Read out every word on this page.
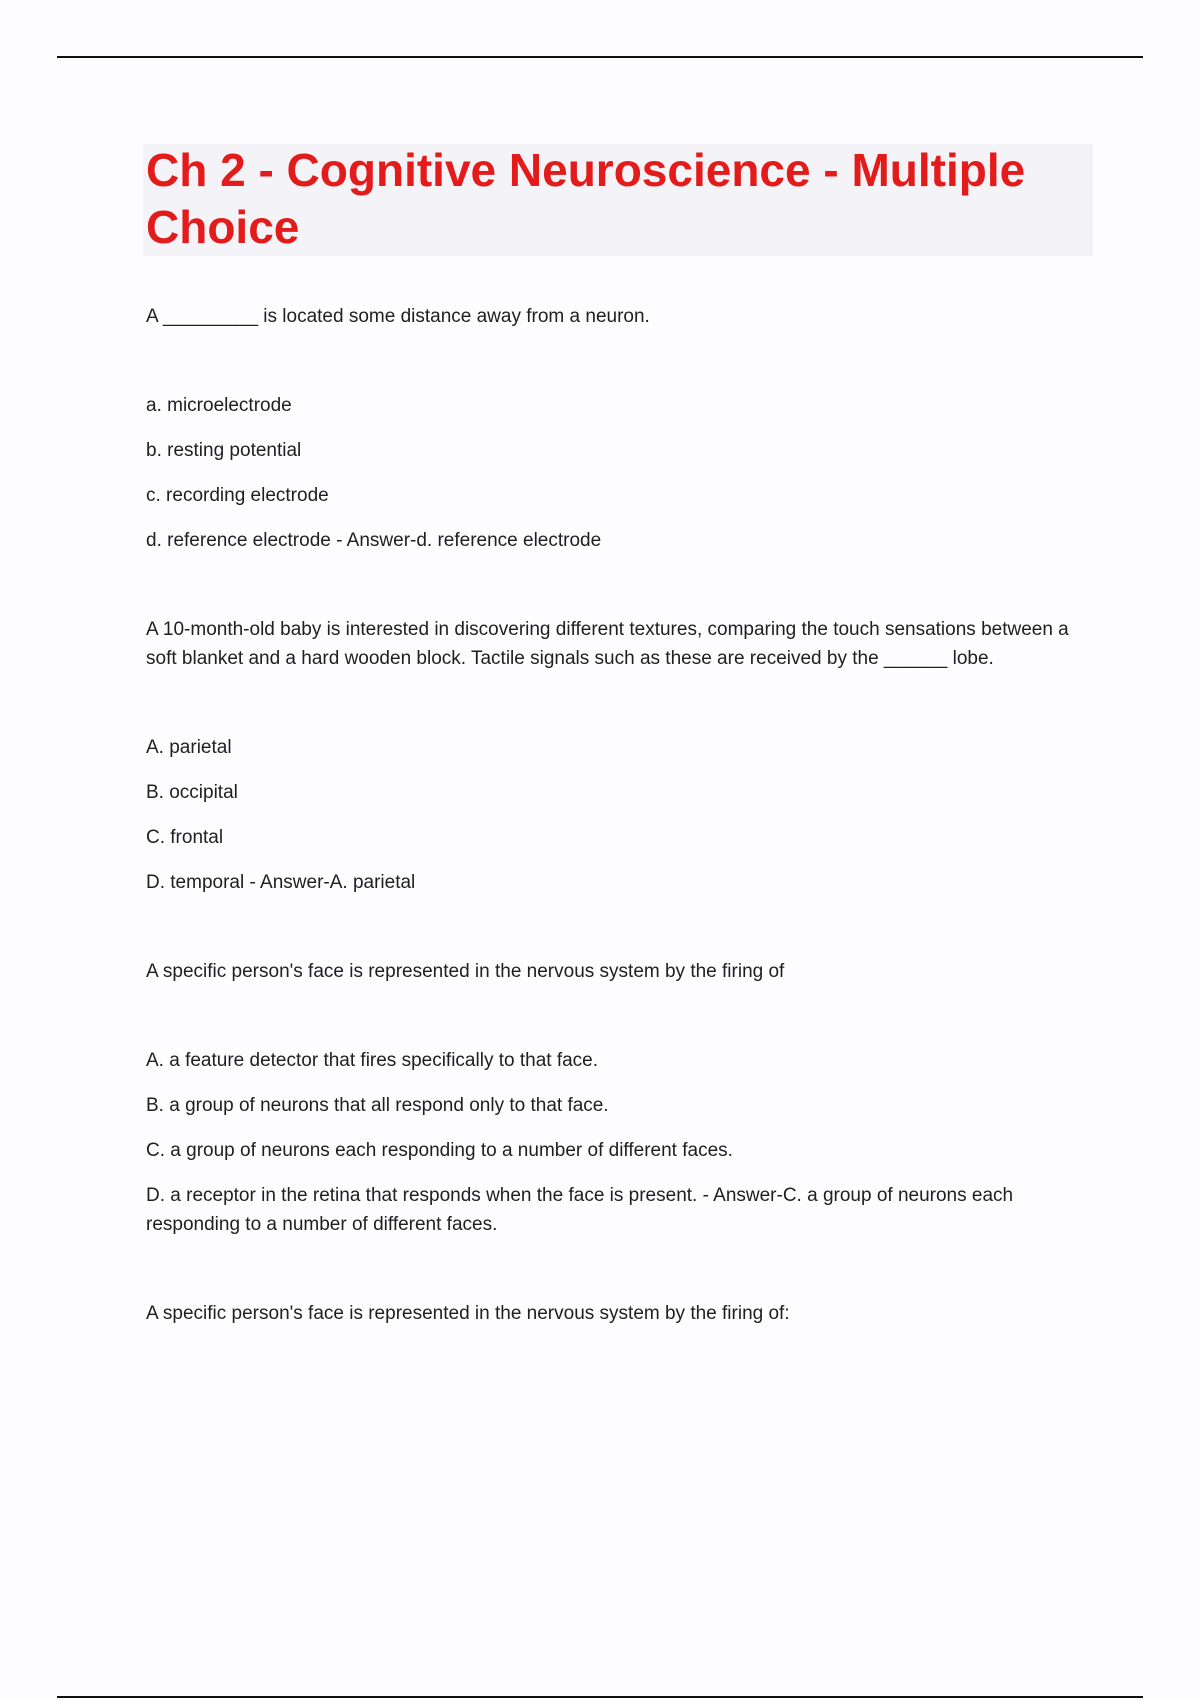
Ch 2 - Cognitive Neuroscience - Multiple Choice

A _________ is located some distance away from a neuron.

a. microelectrode
b. resting potential
c. recording electrode
d. reference electrode - Answer-d. reference electrode

A 10-month-old baby is interested in discovering different textures, comparing the touch sensations between a soft blanket and a hard wooden block. Tactile signals such as these are received by the ______ lobe.

A. parietal
B. occipital
C. frontal
D. temporal - Answer-A. parietal

A specific person's face is represented in the nervous system by the firing of

A. a feature detector that fires specifically to that face.
B. a group of neurons that all respond only to that face.
C. a group of neurons each responding to a number of different faces.
D. a receptor in the retina that responds when the face is present. - Answer-C. a group of neurons each responding to a number of different faces.

A specific person's face is represented in the nervous system by the firing of:
